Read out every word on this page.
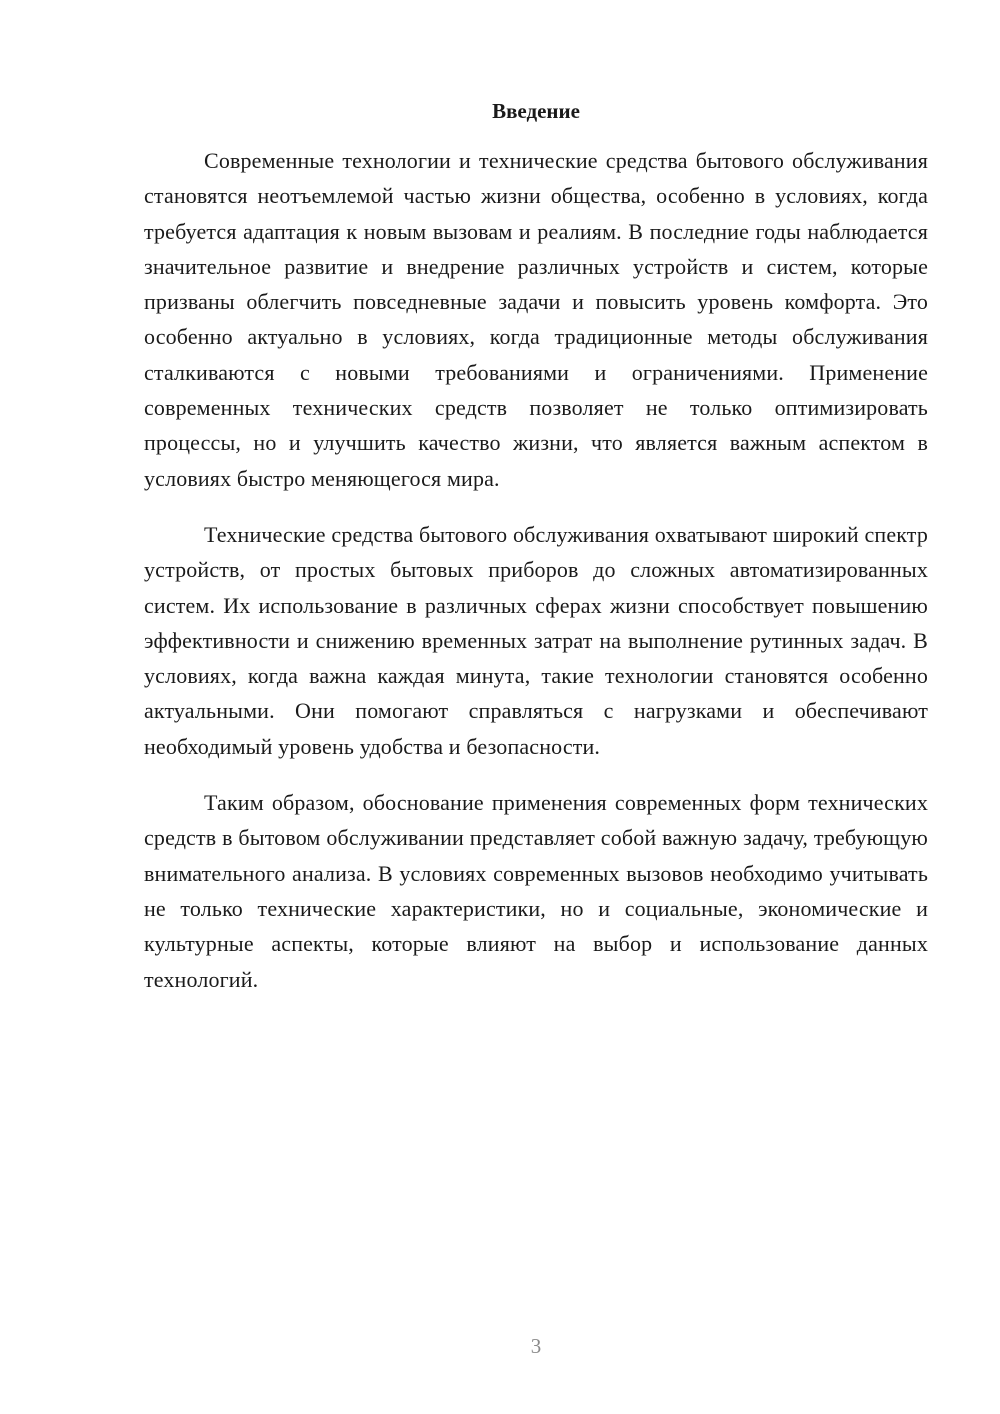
Введение

Современные технологии и технические средства бытового обслуживания становятся неотъемлемой частью жизни общества, особенно в условиях, когда требуется адаптация к новым вызовам и реалиям. В последние годы наблюдается значительное развитие и внедрение различных устройств и систем, которые призваны облегчить повседневные задачи и повысить уровень комфорта. Это особенно актуально в условиях, когда традиционные методы обслуживания сталкиваются с новыми требованиями и ограничениями. Применение современных технических средств позволяет не только оптимизировать процессы, но и улучшить качество жизни, что является важным аспектом в условиях быстро меняющегося мира.

Технические средства бытового обслуживания охватывают широкий спектр устройств, от простых бытовых приборов до сложных автоматизированных систем. Их использование в различных сферах жизни способствует повышению эффективности и снижению временных затрат на выполнение рутинных задач. В условиях, когда важна каждая минута, такие технологии становятся особенно актуальными. Они помогают справляться с нагрузками и обеспечивают необходимый уровень удобства и безопасности.

Таким образом, обоснование применения современных форм технических средств в бытовом обслуживании представляет собой важную задачу, требующую внимательного анализа. В условиях современных вызовов необходимо учитывать не только технические характеристики, но и социальные, экономические и культурные аспекты, которые влияют на выбор и использование данных технологий.

3
